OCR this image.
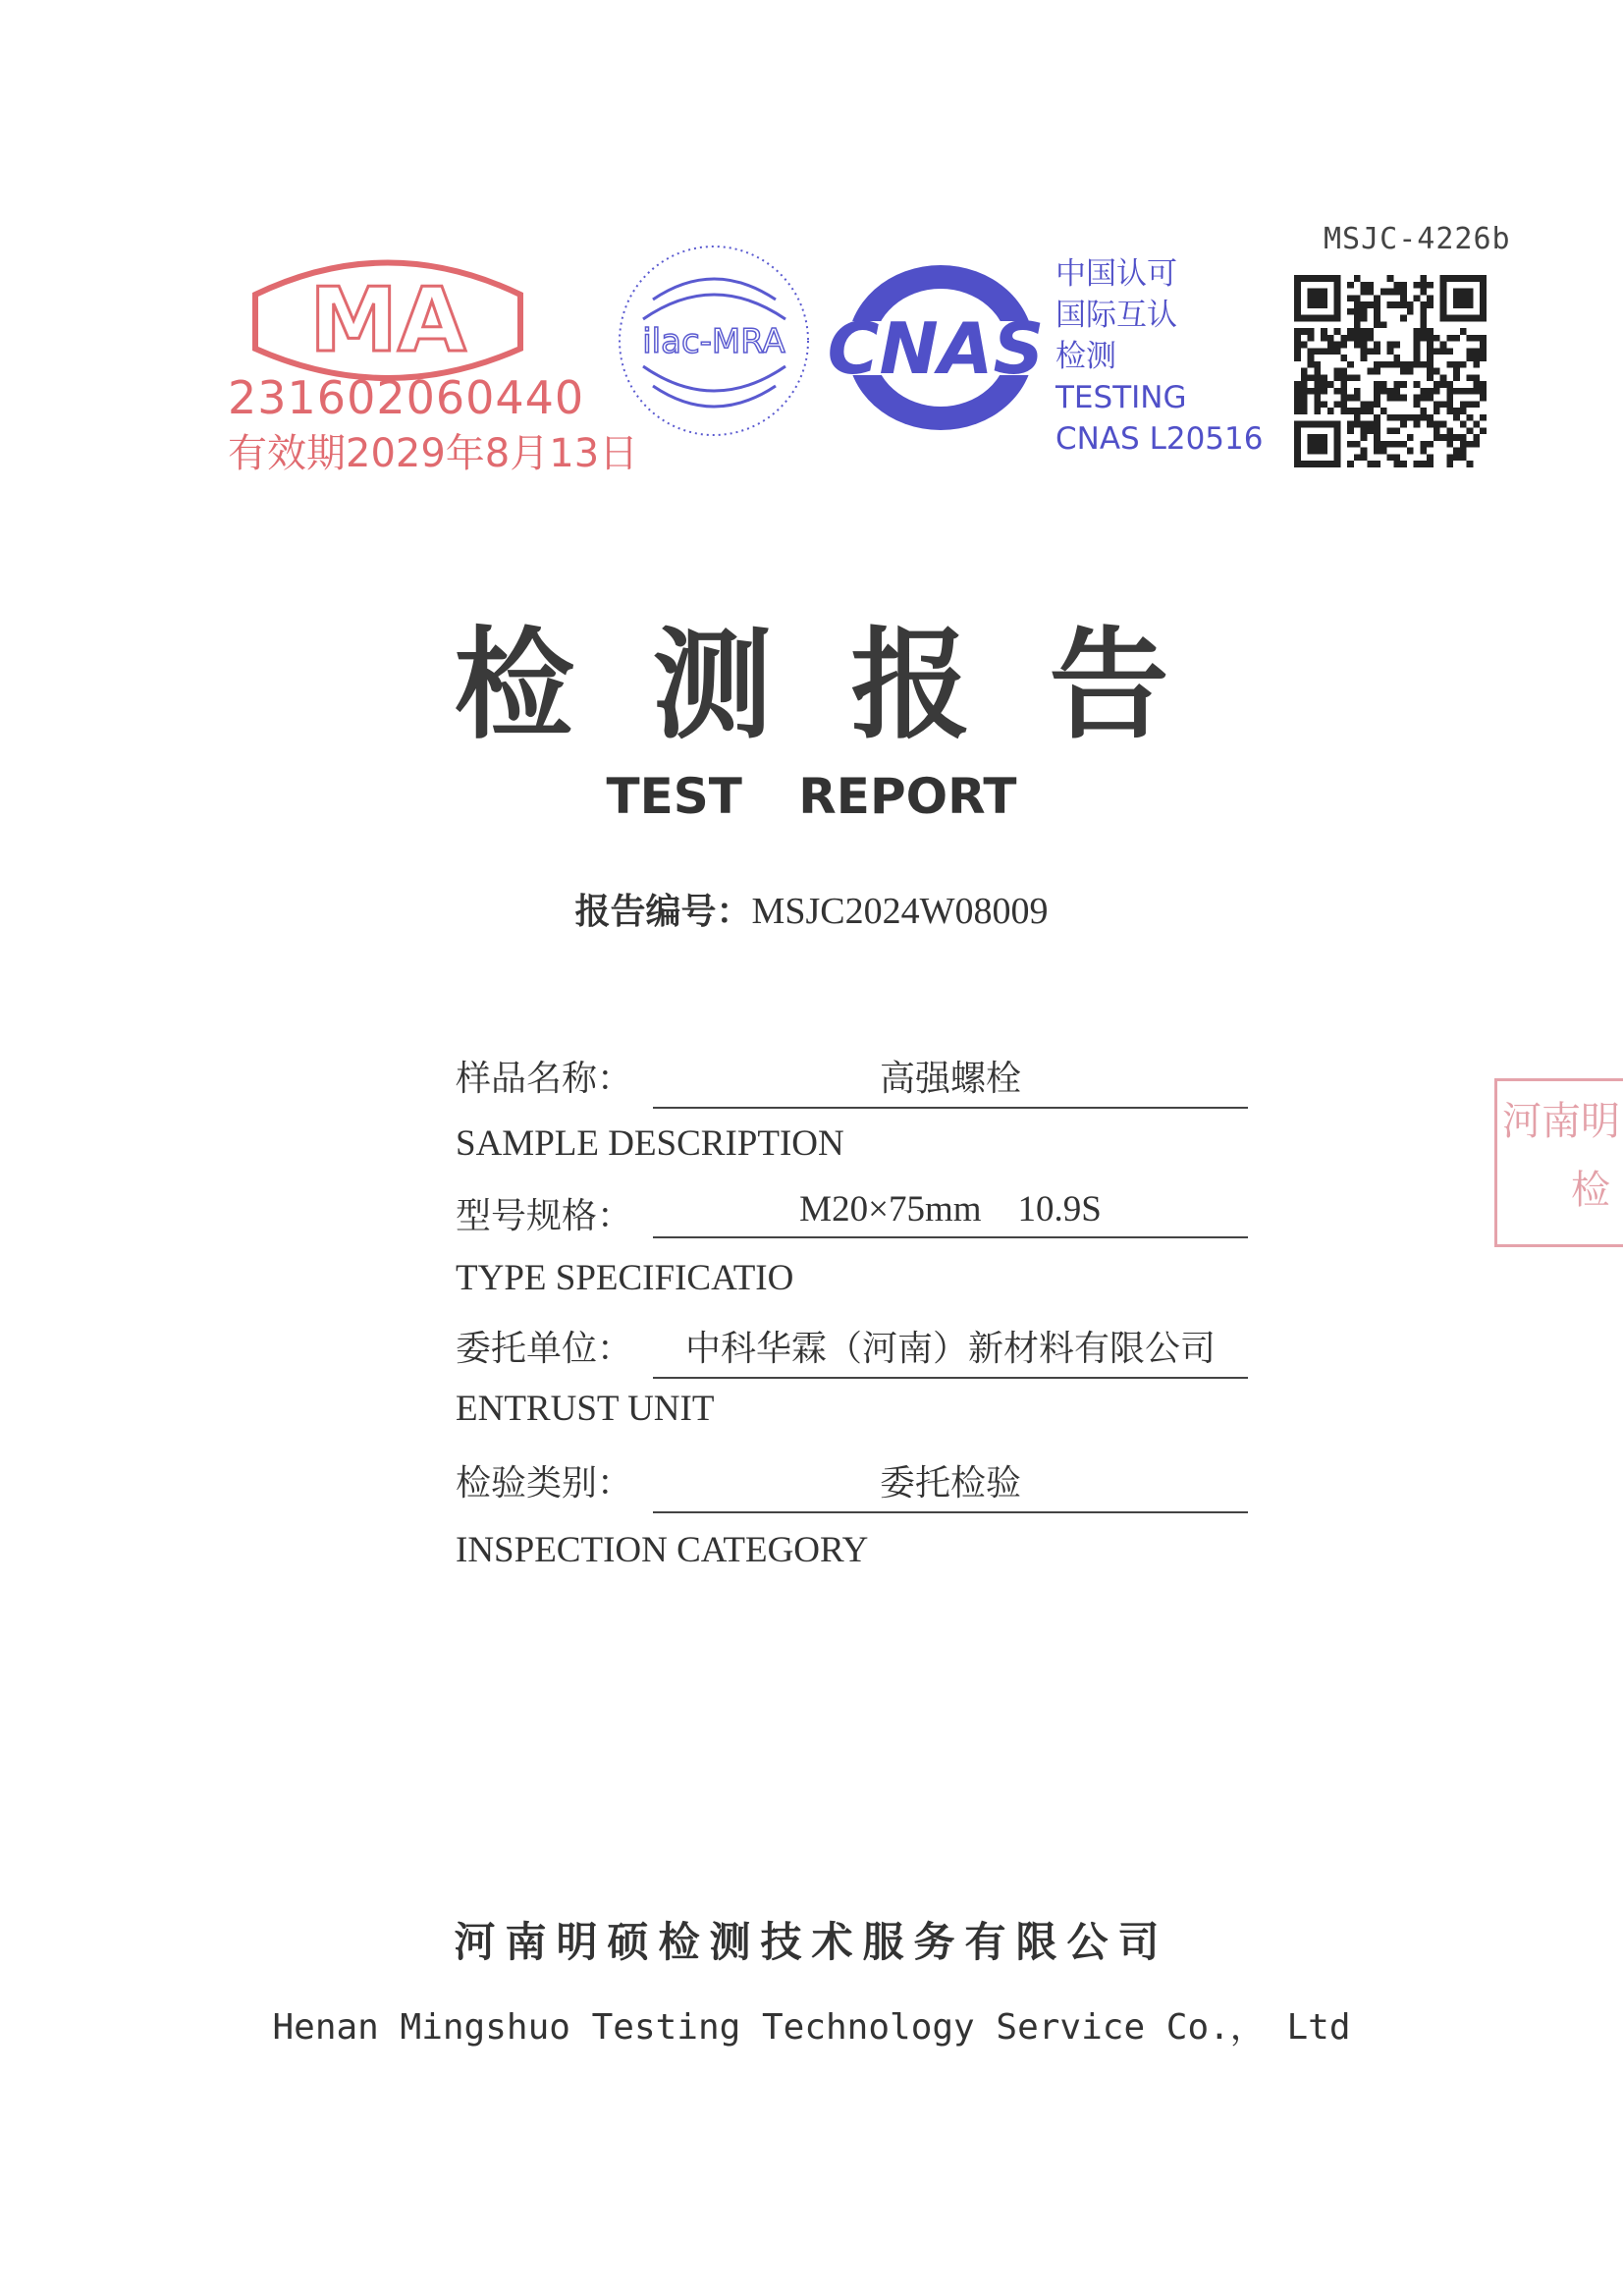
MSJC-4226b
MA
231602060440
有效期2029年8月13日
ilac-MRA CNAS
中国认可
国际互认
检测
TESTING
CNAS L20516
检测报告
TEST REPORT
报告编号：MSJC2024W08009
样品名称：	高强螺栓
SAMPLE DESCRIPTION
型号规格：	M20×75mm    10.9S
TYPE SPECIFICATIO
委托单位：	中科华霖（河南）新材料有限公司
ENTRUST UNIT
检验类别：	委托检验
INSPECTION CATEGORY
河南明
检
河南明硕检测技术服务有限公司
Henan Mingshuo Testing Technology Service Co.， Ltd
